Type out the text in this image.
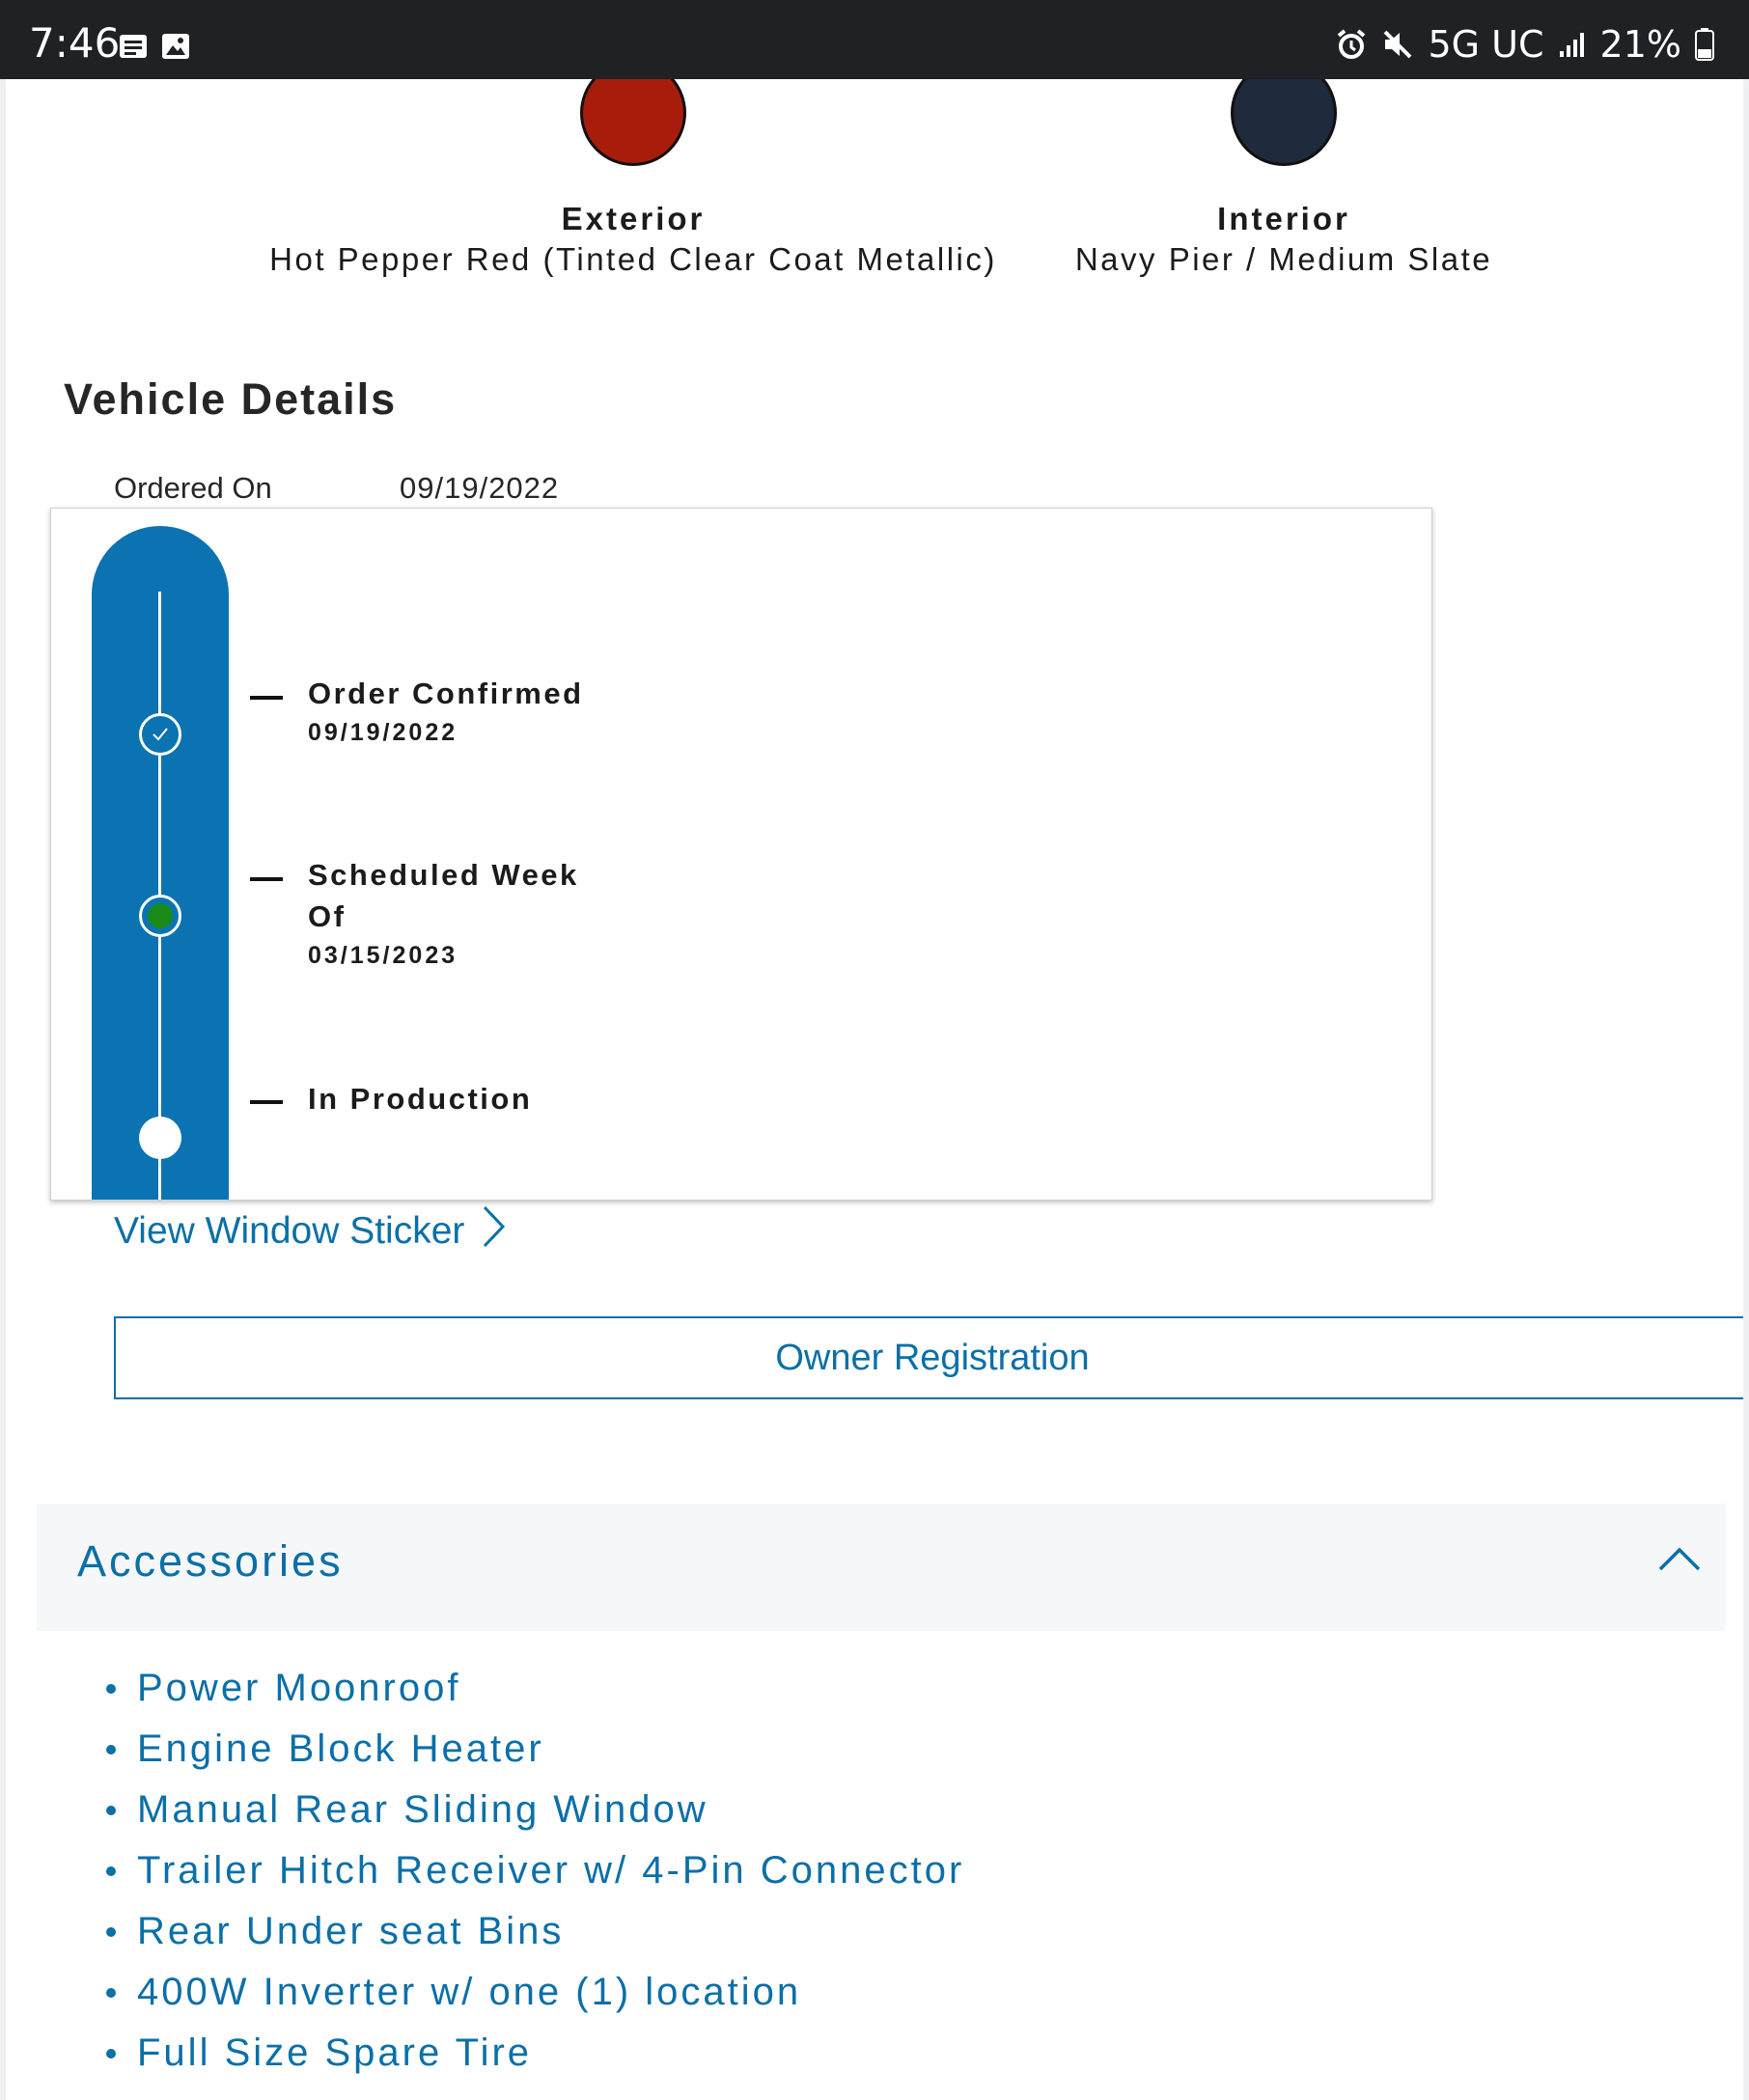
7:46	5G UC 21%
Exterior
Hot Pepper Red (Tinted Clear Coat Metallic)
Interior
Navy Pier / Medium Slate
Vehicle Details
Ordered On	09/19/2022
Order Confirmed
09/19/2022
Scheduled Week Of
03/15/2023
In Production
View Window Sticker
Owner Registration
Accessories
Power Moonroof
Engine Block Heater
Manual Rear Sliding Window
Trailer Hitch Receiver w/ 4-Pin Connector
Rear Under seat Bins
400W Inverter w/ one (1) location
Full Size Spare Tire
